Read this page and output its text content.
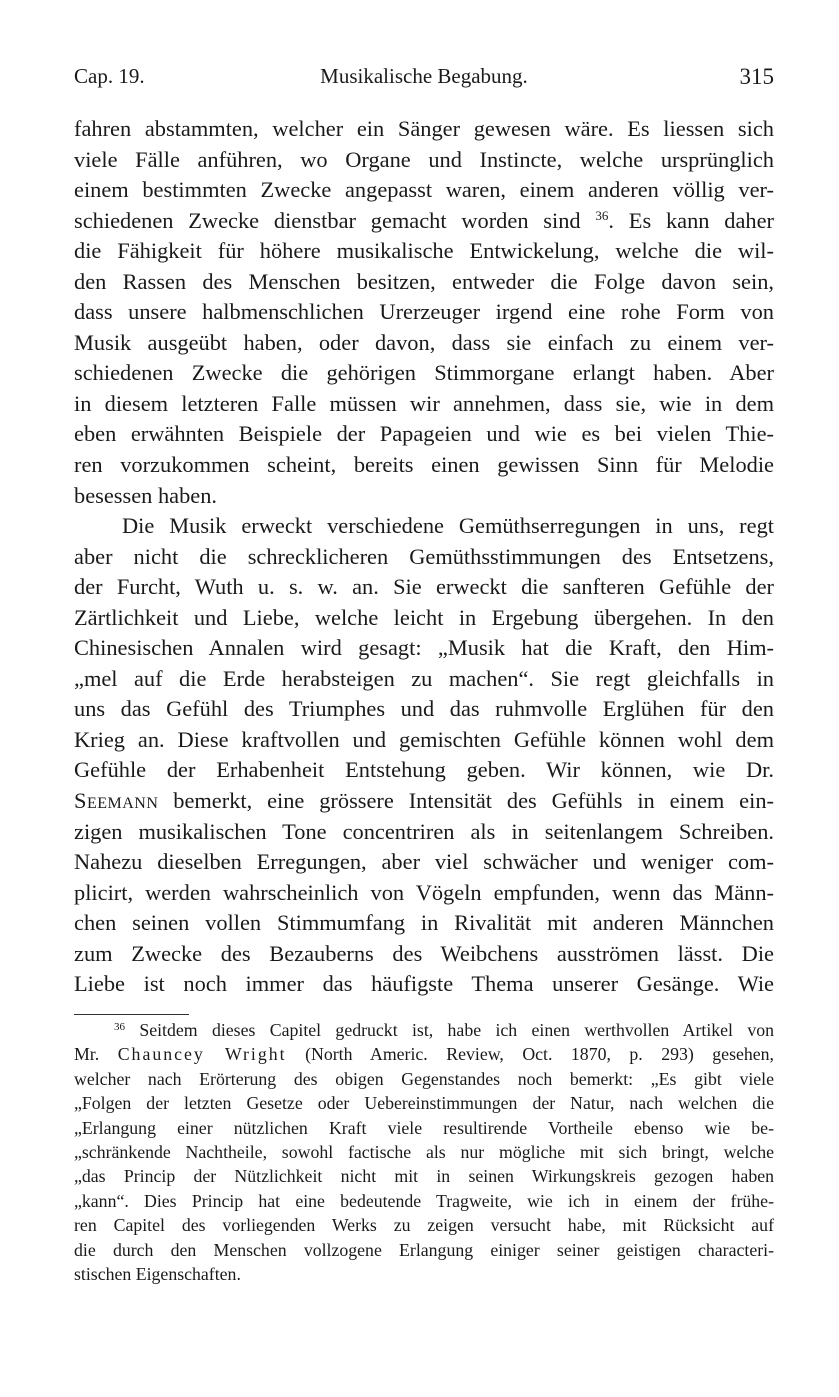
Cap. 19.	Musikalische Begabung.	315
fahren abstammten, welcher ein Sänger gewesen wäre. Es liessen sich
viele Fälle anführen, wo Organe und Instincte, welche ursprünglich
einem bestimmten Zwecke angepasst waren, einem anderen völlig ver-
schiedenen Zwecke dienstbar gemacht worden sind $^{36}$. Es kann daher
die Fähigkeit für höhere musikalische Entwickelung, welche die wil-
den Rassen des Menschen besitzen, entweder die Folge davon sein,
dass unsere halbmenschlichen Urerzeuger irgend eine rohe Form von
Musik ausgeübt haben, oder davon, dass sie einfach zu einem ver-
schiedenen Zwecke die gehörigen Stimmorgane erlangt haben. Aber
in diesem letzteren Falle müssen wir annehmen, dass sie, wie in dem
eben erwähnten Beispiele der Papageien und wie es bei vielen Thie-
ren vorzukommen scheint, bereits einen gewissen Sinn für Melodie
besessen haben.
Die Musik erweckt verschiedene Gemüthserregungen in uns, regt
aber nicht die schrecklicheren Gemüthsstimmungen des Entsetzens,
der Furcht, Wuth u. s. w. an. Sie erweckt die sanfteren Gefühle der
Zärtlichkeit und Liebe, welche leicht in Ergebung übergehen. In den
Chinesischen Annalen wird gesagt: „Musik hat die Kraft, den Him-
„mel auf die Erde herabsteigen zu machen“. Sie regt gleichfalls in
uns das Gefühl des Triumphes und das ruhmvolle Erglühen für den
Krieg an. Diese kraftvollen und gemischten Gefühle können wohl dem
Gefühle der Erhabenheit Entstehung geben. Wir können, wie Dr.
Seemann bemerkt, eine grössere Intensität des Gefühls in einem ein-
zigen musikalischen Tone concentriren als in seitenlangem Schreiben.
Nahezu dieselben Erregungen, aber viel schwächer und weniger com-
plicirt, werden wahrscheinlich von Vögeln empfunden, wenn das Männ-
chen seinen vollen Stimmumfang in Rivalität mit anderen Männchen
zum Zwecke des Bezauberns des Weibchens ausströmen lässt. Die
Liebe ist noch immer das häufigste Thema unserer Gesänge. Wie
$^{36}$ Seitdem dieses Capitel gedruckt ist, habe ich einen werthvollen Artikel von
Mr. Chauncey Wright (North Americ. Review, Oct. 1870, p. 293) gesehen,
welcher nach Erörterung des obigen Gegenstandes noch bemerkt: „Es gibt viele
„Folgen der letzten Gesetze oder Uebereinstimmungen der Natur, nach welchen die
„Erlangung einer nützlichen Kraft viele resultirende Vortheile ebenso wie be-
„schränkende Nachtheile, sowohl factische als nur mögliche mit sich bringt, welche
„das Princip der Nützlichkeit nicht mit in seinen Wirkungskreis gezogen haben
„kann“. Dies Princip hat eine bedeutende Tragweite, wie ich in einem der frühe-
ren Capitel des vorliegenden Werks zu zeigen versucht habe, mit Rücksicht auf
die durch den Menschen vollzogene Erlangung einiger seiner geistigen characteri-
stischen Eigenschaften.
